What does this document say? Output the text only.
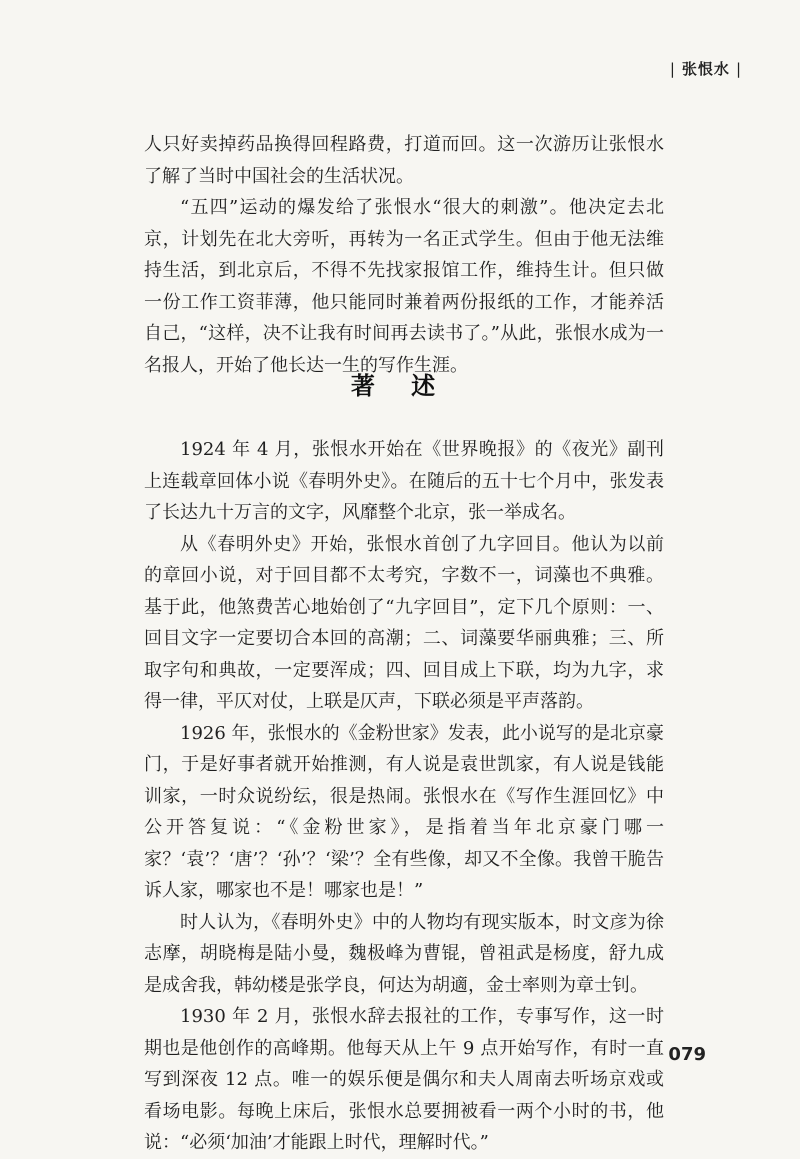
| 张恨水 |

人只好卖掉药品换得回程路费，打道而回。这一次游历让张恨水了解了当时中国社会的生活状况。

“五四”运动的爆发给了张恨水“很大的刺激”。他决定去北京，计划先在北大旁听，再转为一名正式学生。但由于他无法维持生活，到北京后，不得不先找家报馆工作，维持生计。但只做一份工作工资菲薄，他只能同时兼着两份报纸的工作，才能养活自己，“这样，决不让我有时间再去读书了。”从此，张恨水成为一名报人，开始了他长达一生的写作生涯。

著 述

1924 年 4 月，张恨水开始在《世界晚报》的《夜光》副刊上连载章回体小说《春明外史》。在随后的五十七个月中，张发表了长达九十万言的文字，风靡整个北京，张一举成名。

从《春明外史》开始，张恨水首创了九字回目。他认为以前的章回小说，对于回目都不太考究，字数不一，词藻也不典雅。基于此，他煞费苦心地始创了“九字回目”，定下几个原则：一、回目文字一定要切合本回的高潮；二、词藻要华丽典雅；三、所取字句和典故，一定要浑成；四、回目成上下联，均为九字，求得一律，平仄对仗，上联是仄声，下联必须是平声落韵。

1926 年，张恨水的《金粉世家》发表，此小说写的是北京豪门，于是好事者就开始推测，有人说是袁世凯家，有人说是钱能训家，一时众说纷纭，很是热闹。张恨水在《写作生涯回忆》中公开答复说：“《金粉世家》，是指着当年北京豪门哪一家？‘袁’？‘唐’？‘孙’？‘梁’？全有些像，却又不全像。我曾干脆告诉人家，哪家也不是！哪家也是！”

时人认为，《春明外史》中的人物均有现实版本，时文彦为徐志摩，胡晓梅是陆小曼，魏极峰为曹锟，曾祖武是杨度，舒九成是成舍我，韩幼楼是张学良，何达为胡適，金士率则为章士钊。

1930 年 2 月，张恨水辞去报社的工作，专事写作，这一时期也是他创作的高峰期。他每天从上午 9 点开始写作，有时一直写到深夜 12 点。唯一的娱乐便是偶尔和夫人周南去听场京戏或看场电影。每晚上床后，张恨水总要拥被看一两个小时的书，他说：“必须‘加油’才能跟上时代，理解时代。”

079
